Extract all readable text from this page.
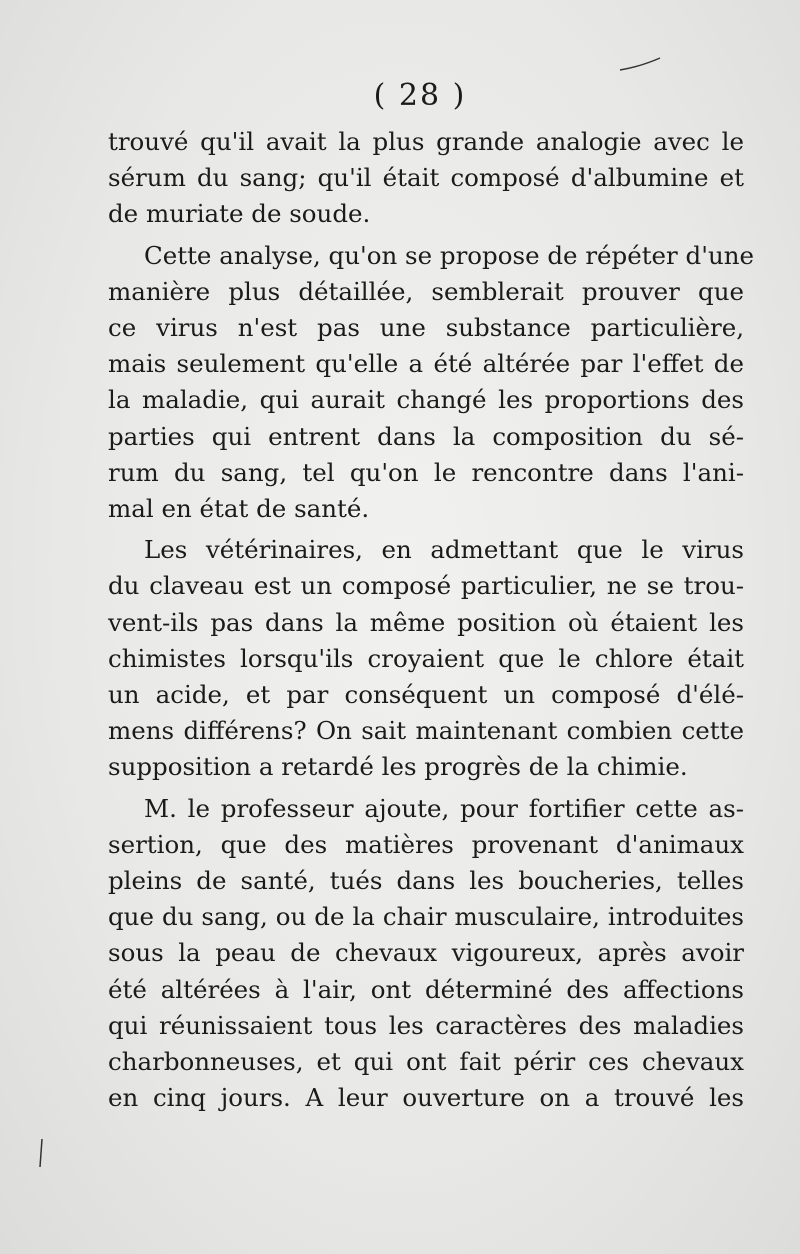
( 28 )

trouvé qu'il avait la plus grande analogie avec le
sérum du sang; qu'il était composé d'albumine et
de muriate de soude.

Cette analyse, qu'on se propose de répéter d'une
manière plus détaillée, semblerait prouver que
ce virus n'est pas une substance particulière,
mais seulement qu'elle a été altérée par l'effet de
la maladie, qui aurait changé les proportions des
parties qui entrent dans la composition du sé-
rum du sang, tel qu'on le rencontre dans l'ani-
mal en état de santé.

Les vétérinaires, en admettant que le virus
du claveau est un composé particulier, ne se trou-
vent-ils pas dans la même position où étaient les
chimistes lorsqu'ils croyaient que le chlore était
un acide, et par conséquent un composé d'élé-
mens différens? On sait maintenant combien cette
supposition a retardé les progrès de la chimie.

M. le professeur ajoute, pour fortifier cette as-
sertion, que des matières provenant d'animaux
pleins de santé, tués dans les boucheries, telles
que du sang, ou de la chair musculaire, introduites
sous la peau de chevaux vigoureux, après avoir
été altérées à l'air, ont déterminé des affections
qui réunissaient tous les caractères des maladies
charbonneuses, et qui ont fait périr ces chevaux
en cinq jours. A leur ouverture on a trouvé les
